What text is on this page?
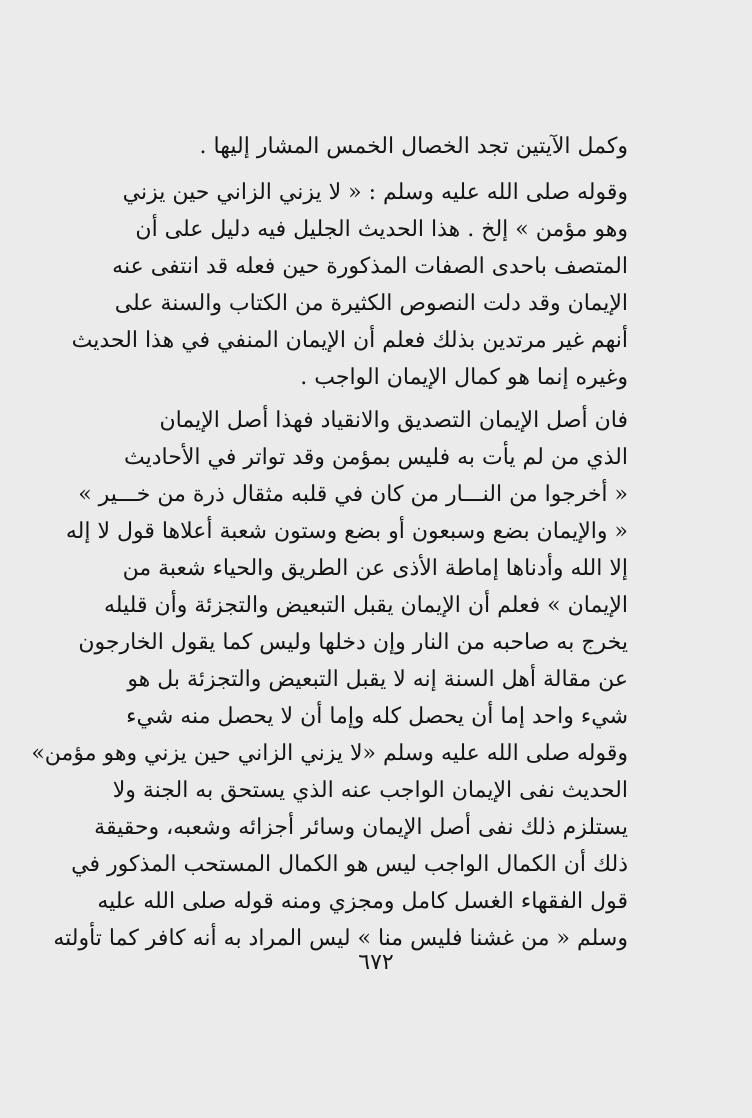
وكمل الآيتين تجد الخصال الخمس المشار إليها .
وقوله صلى الله عليه وسلم : « لا يزني الزاني حين يزني
وهو مؤمن » إلخ . هذا الحديث الجليل فيه دليل على أن
المتصف باحدى الصفات المذكورة حين فعله قد انتفى عنه
الإيمان وقد دلت النصوص الكثيرة من الكتاب والسنة على
أنهم غير مرتدين بذلك فعلم أن الإيمان المنفي في هذا الحديث
وغيره إنما هو كمال الإيمان الواجب .
فان أصل الإيمان التصديق والانقياد فهذا أصل الإيمان
الذي من لم يأت به فليس بمؤمن وقد تواتر في الأحاديث
« أخرجوا من النـــار من كان في قلبه مثقال ذرة من خـــير »
« والإيمان بضع وسبعون أو بضع وستون شعبة أعلاها قول لا إله
إلا الله وأدناها إماطة الأذى عن الطريق والحياء شعبة من
الإيمان » فعلم أن الإيمان يقبل التبعيض والتجزئة وأن قليله
يخرج به صاحبه من النار وإن دخلها وليس كما يقول الخارجون
عن مقالة أهل السنة إنه لا يقبل التبعيض والتجزئة بل هو
شيء واحد إما أن يحصل كله وإما أن لا يحصل منه شيء
وقوله صلى الله عليه وسلم «لا يزني الزاني حين يزني وهو مؤمن»
الحديث نفى الإيمان الواجب عنه الذي يستحق به الجنة ولا
يستلزم ذلك نفى أصل الإيمان وسائر أجزائه وشعبه، وحقيقة
ذلك أن الكمال الواجب ليس هو الكمال المستحب المذكور في
قول الفقهاء الغسل كامل ومجزي ومنه قوله صلى الله عليه
وسلم « من غشنا فليس منا » ليس المراد به أنه كافر كما تأولته
٦٧٢
